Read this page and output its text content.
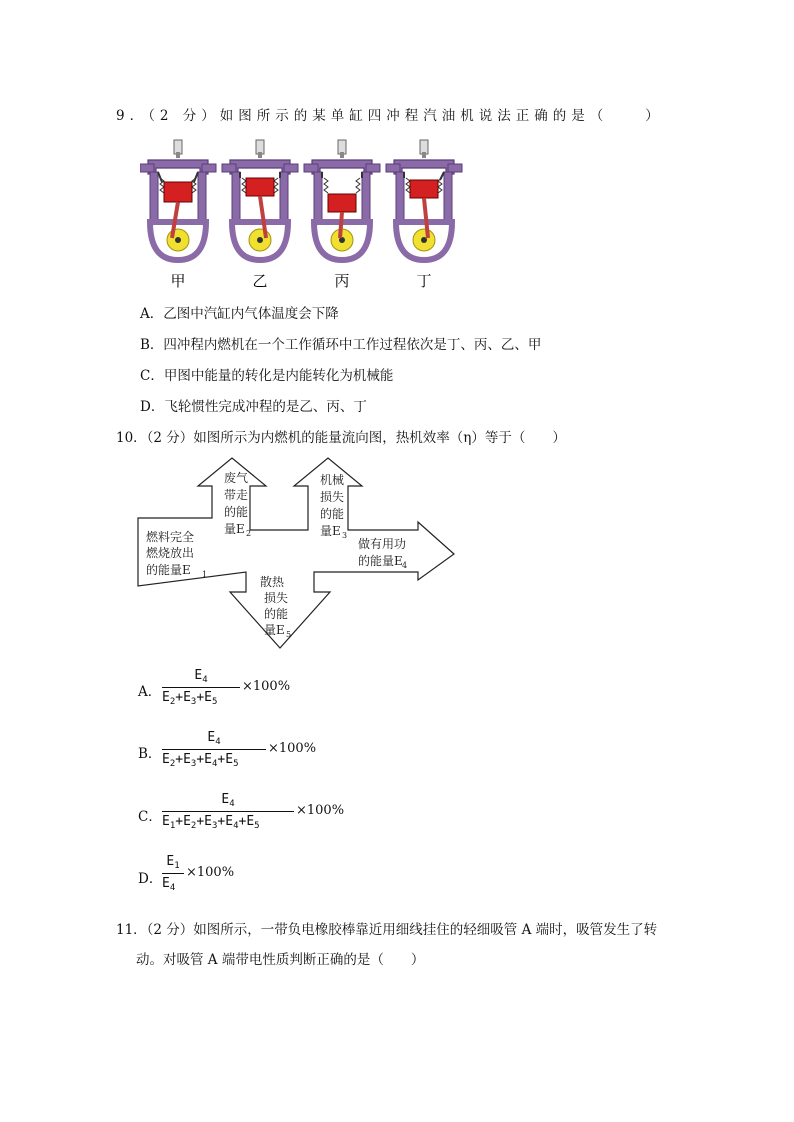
9．（2 分）如图所示的某单缸四冲程汽油机说法正确的是（　　）
甲	乙	丙	丁
A．乙图中汽缸内气体温度会下降
B．四冲程内燃机在一个工作循环中工作过程依次是丁、丙、乙、甲
C．甲图中能量的转化是内能转化为机械能
D．飞轮惯性完成冲程的是乙、丙、丁
10．（2 分）如图所示为内燃机的能量流向图，热机效率（η）等于（　　）
燃料完全
燃烧放出
的能量E 1
废气
带走
的能
量E 2
机械
损失
的能
量E 3
做有用功
的能量E 4
散热
损失
的能
量E 5
A．
$E_4$
$E_2+E_3+E_5$
×100%
B．
$E_4$
$E_2+E_3+E_4+E_5$
×100%
C．
$E_4$
$E_1+E_2+E_3+E_4+E_5$
×100%
D．
$E_1$
$E_4$
×100%
11．（2 分）如图所示，一带负电橡胶棒靠近用细线挂住的轻细吸管 A 端时，吸管发生了转
动。对吸管 A 端带电性质判断正确的是（　　）
